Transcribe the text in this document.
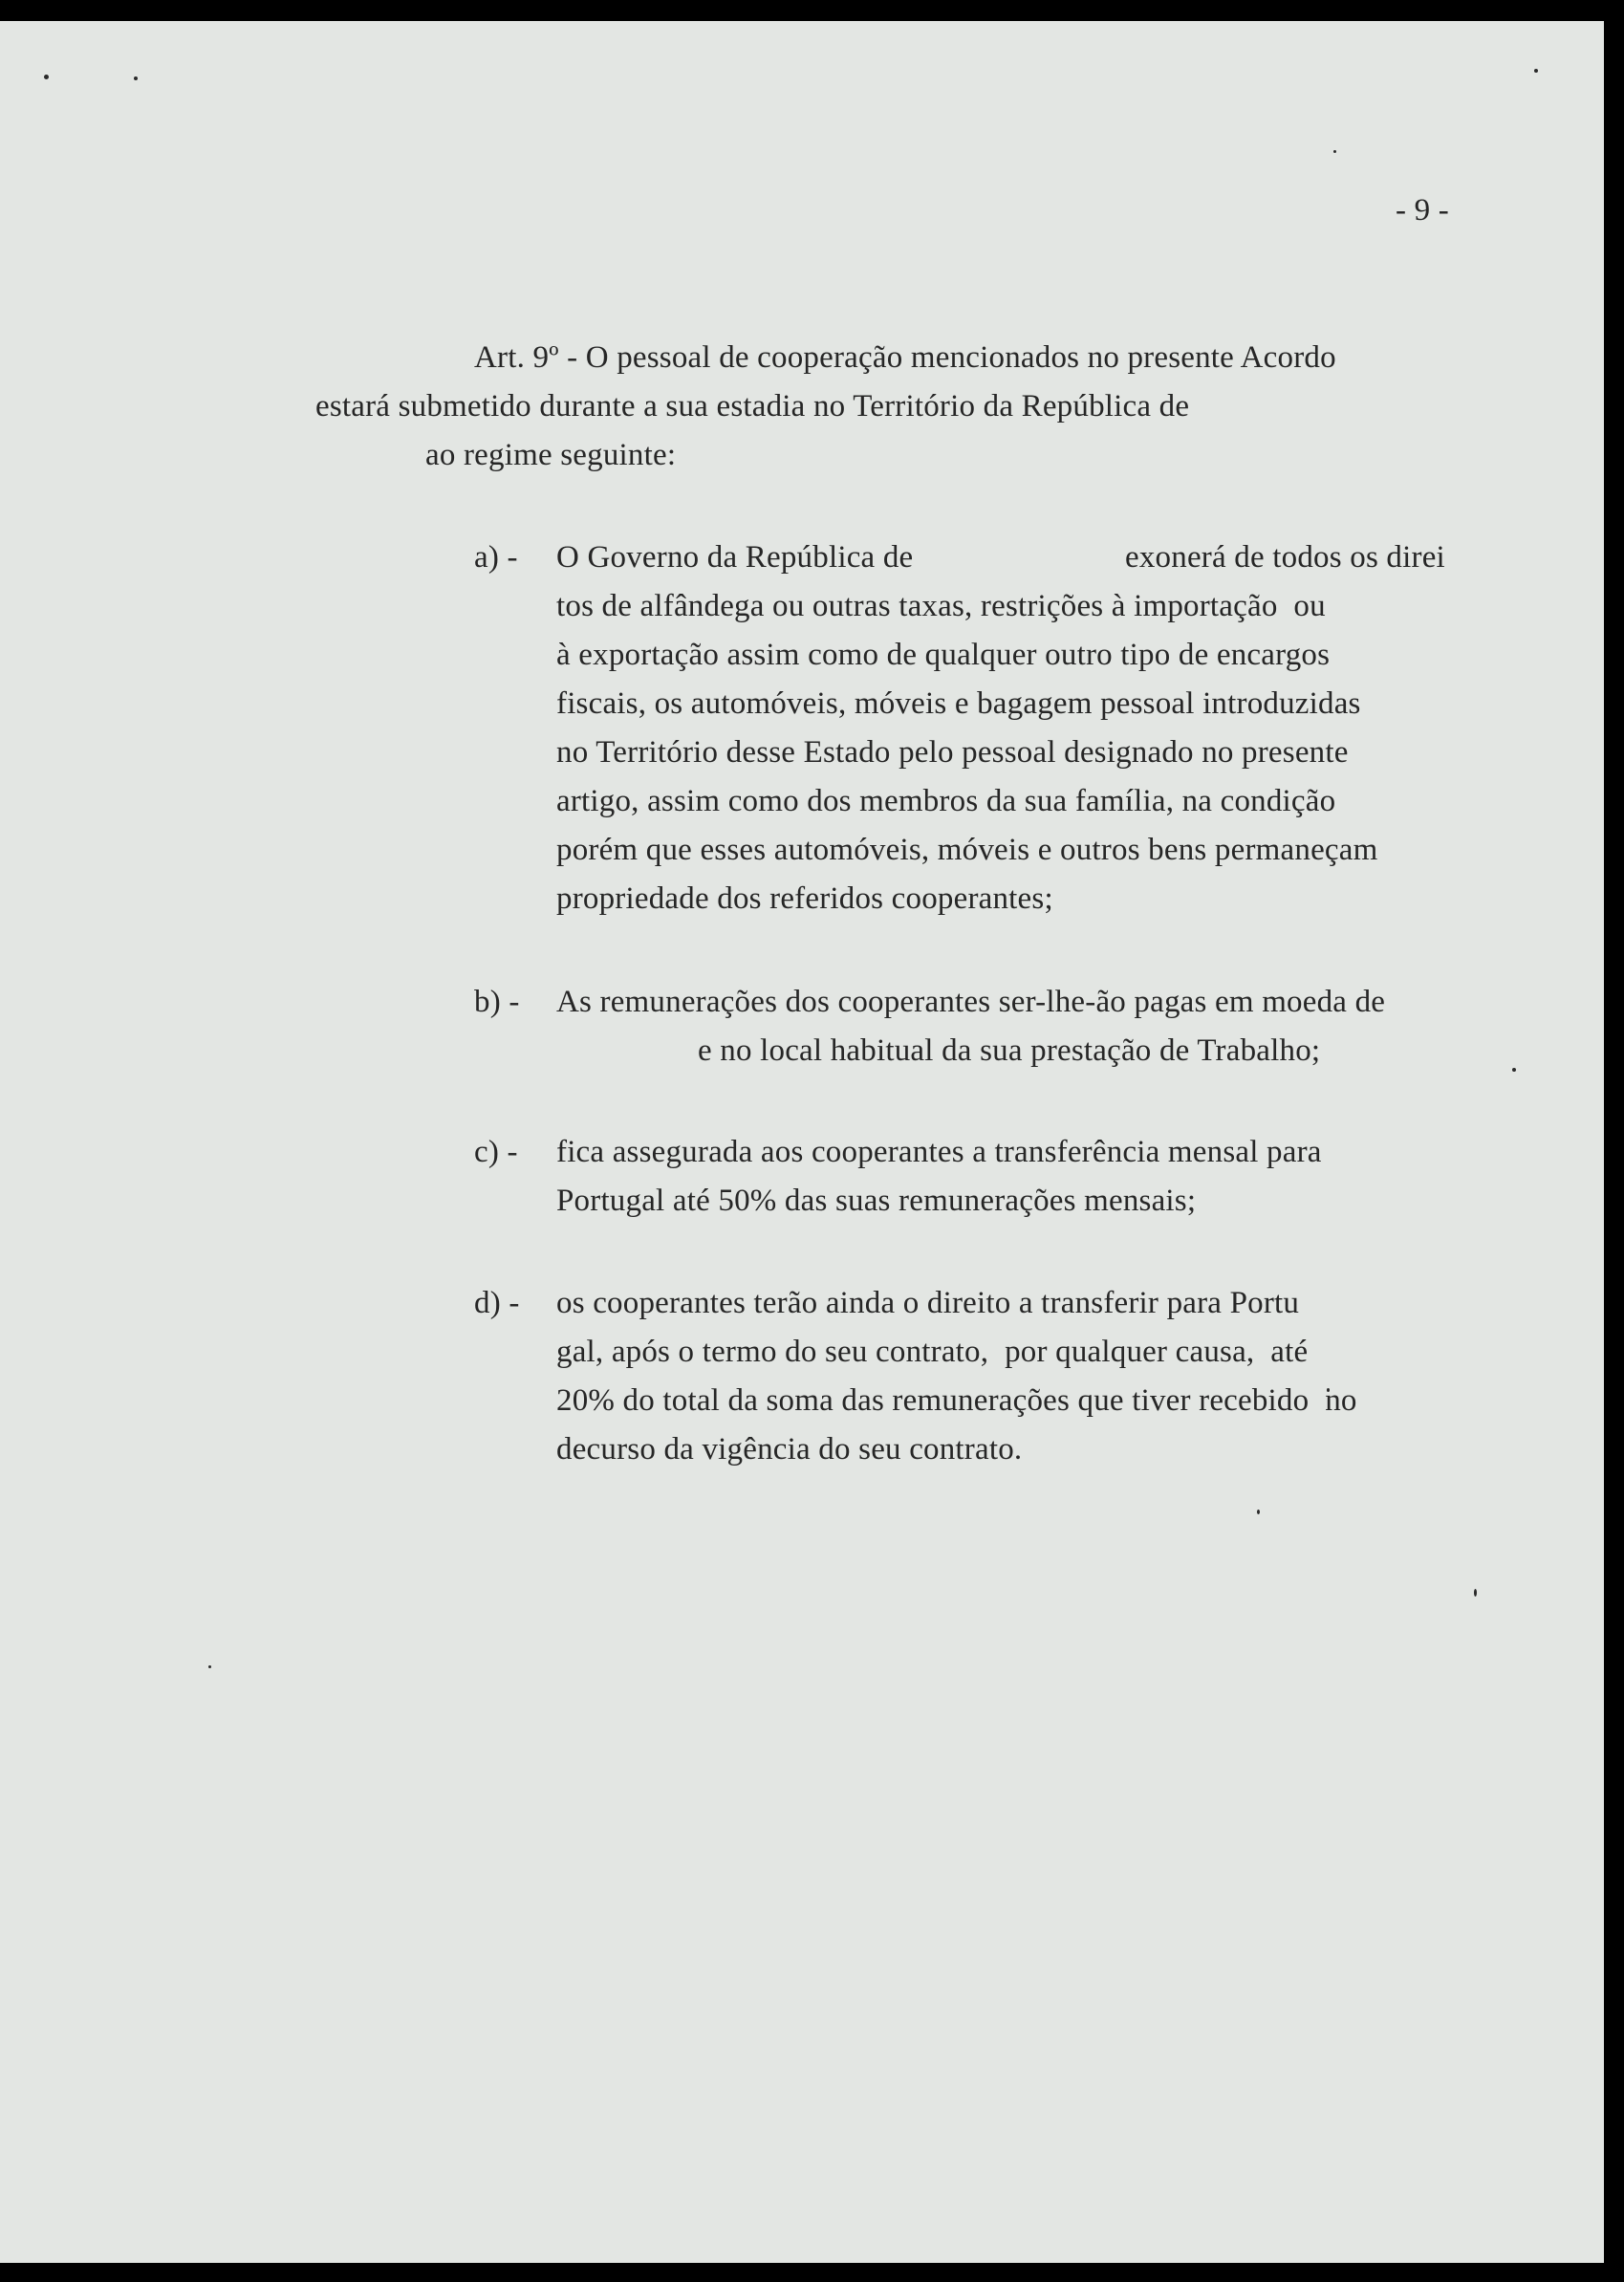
- 9 -
Art. 9º - O pessoal de cooperação mencionados no presente Acordo
estará submetido durante a sua estadia no Território da República de
ao regime seguinte:
a) - O Governo da República de	exonerá de todos os direi
tos de alfândega ou outras taxas, restrições à importação  ou
à exportação assim como de qualquer outro tipo de encargos
fiscais, os automóveis, móveis e bagagem pessoal introduzidas
no Território desse Estado pelo pessoal designado no presente
artigo, assim como dos membros da sua família, na condição
porém que esses automóveis, móveis e outros bens permaneçam
propriedade dos referidos cooperantes;
b) - As remunerações dos cooperantes ser-lhe-ão pagas em moeda de
e no local habitual da sua prestação de Trabalho;
c) - fica assegurada aos cooperantes a transferência mensal para
Portugal até 50% das suas remunerações mensais;
d) - os cooperantes terão ainda o direito a transferir para Portu
gal, após o termo do seu contrato,  por qualquer causa,  até
20% do total da soma das remunerações que tiver recebido  no
decurso da vigência do seu contrato.
